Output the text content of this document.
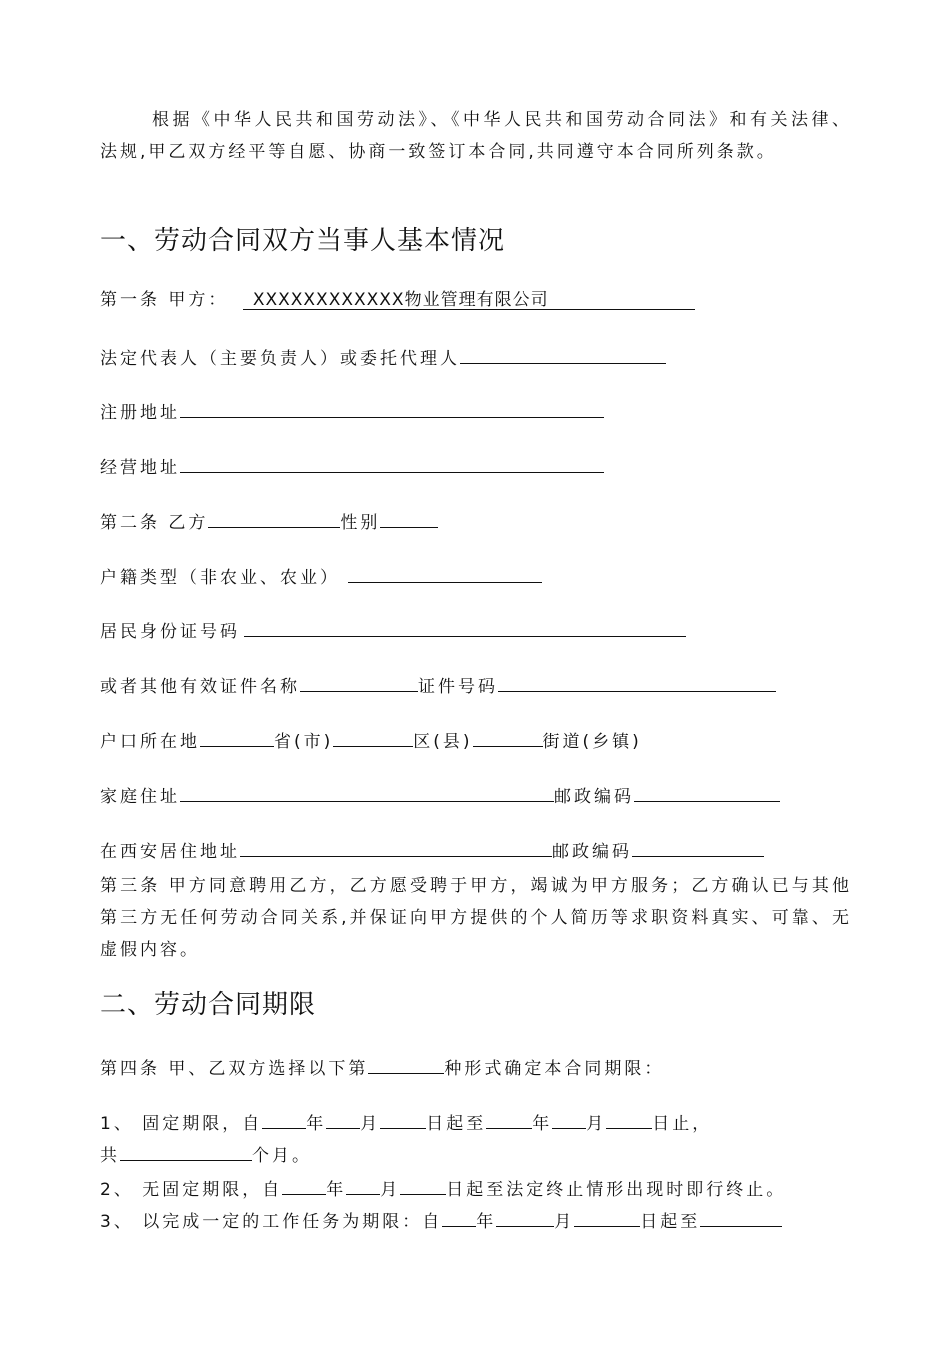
根据《中华人民共和国劳动法》、《中华人民共和国劳动合同法》和有关法律、法规,甲乙双方经平等自愿、协商一致签订本合同,共同遵守本合同所列条款。
一、劳动合同双方当事人基本情况
第一条 甲方： XXXXXXXXXXXX物业管理有限公司
法定代表人（主要负责人）或委托代理人
注册地址
经营地址
第二条 乙方	性别
户籍类型（非农业、农业）
居民身份证号码
或者其他有效证件名称	证件号码
户口所在地	省(市)	区(县)	街道(乡镇)
家庭住址	邮政编码
在西安居住地址	邮政编码
第三条 甲方同意聘用乙方，乙方愿受聘于甲方，竭诚为甲方服务；乙方确认已与其他第三方无任何劳动合同关系,并保证向甲方提供的个人简历等求职资料真实、可靠、无虚假内容。
二、劳动合同期限
第四条 甲、乙双方选择以下第	种形式确定本合同期限：
1、 固定期限，自	年 月	日起至	年 月	日止，
共	个月。
2、 无固定期限，自	年 月	日起至法定终止情形出现时即行终止。
3、 以完成一定的工作任务为期限：自 年	月	日起至
